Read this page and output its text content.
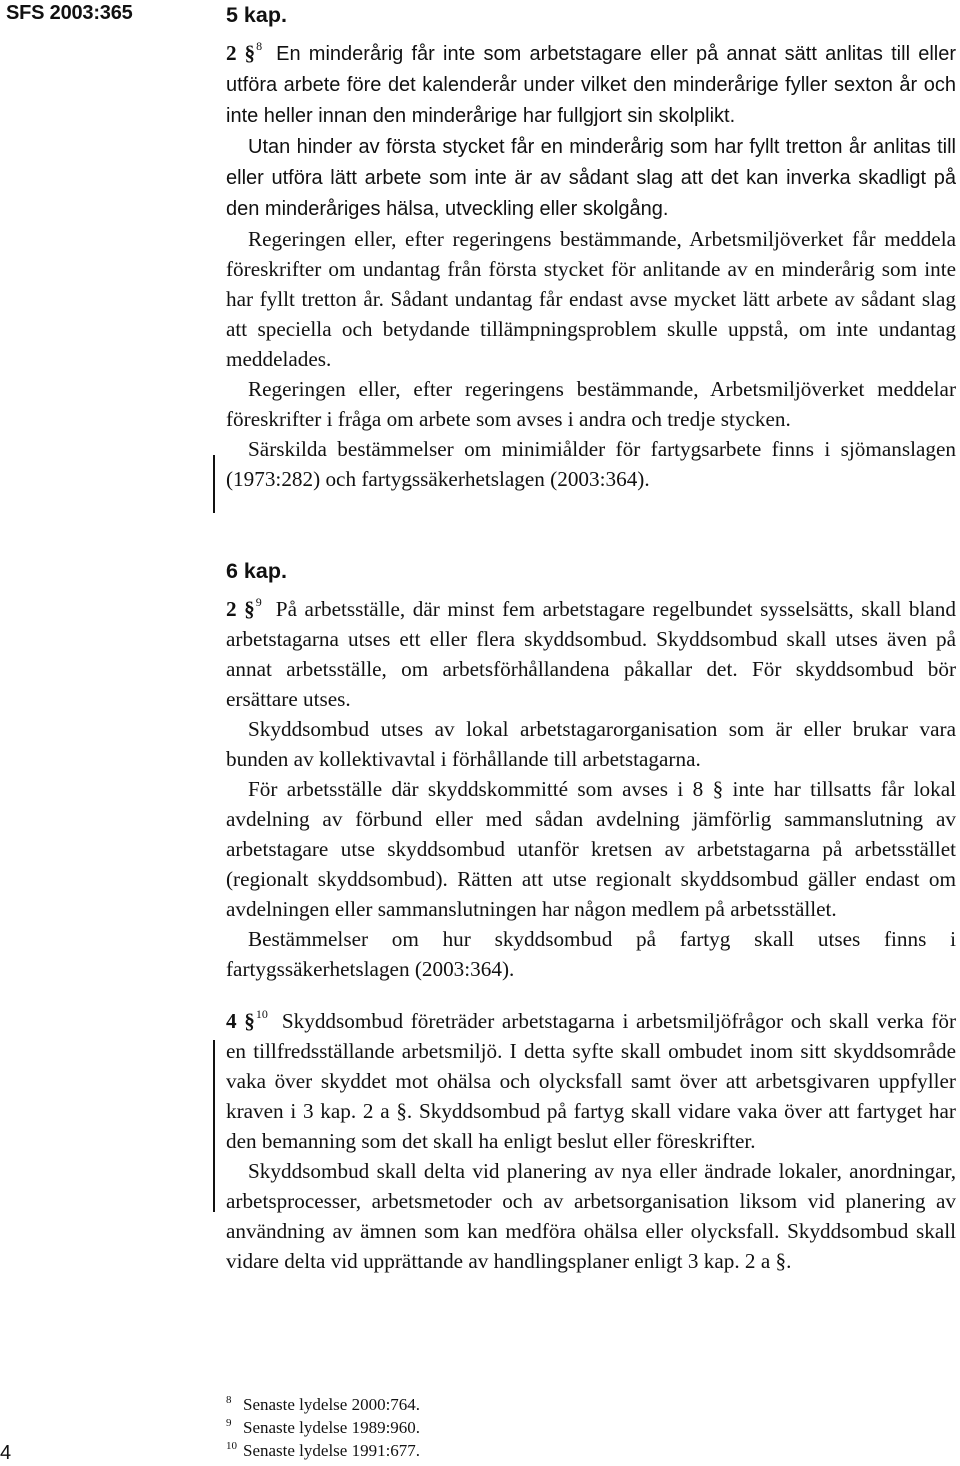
SFS 2003:365	5 kap.

2 §$^8$ En minderårig får inte som arbetstagare eller på annat sätt anlitas till eller utföra arbete före det kalenderår under vilket den minderårige fyller sexton år och inte heller innan den minderårige har fullgjort sin skolplikt.

Utan hinder av första stycket får en minderårig som har fyllt tretton år anlitas till eller utföra lätt arbete som inte är av sådant slag att det kan inverka skadligt på den minderåriges hälsa, utveckling eller skolgång.

Regeringen eller, efter regeringens bestämmande, Arbetsmiljöverket får meddela föreskrifter om undantag från första stycket för anlitande av en minderårig som inte har fyllt tretton år. Sådant undantag får endast avse mycket lätt arbete av sådant slag att speciella och betydande tillämpningsproblem skulle uppstå, om inte undantag meddelades.

Regeringen eller, efter regeringens bestämmande, Arbetsmiljöverket meddelar föreskrifter i fråga om arbete som avses i andra och tredje stycken.

Särskilda bestämmelser om minimiålder för fartygsarbete finns i sjömanslagen (1973:282) och fartygssäkerhetslagen (2003:364).

6 kap.

2 §$^9$ På arbetsställe, där minst fem arbetstagare regelbundet sysselsätts, skall bland arbetstagarna utses ett eller flera skyddsombud. Skyddsombud skall utses även på annat arbetsställe, om arbetsförhållandena påkallar det. För skyddsombud bör ersättare utses.

Skyddsombud utses av lokal arbetstagarorganisation som är eller brukar vara bunden av kollektivavtal i förhållande till arbetstagarna.

För arbetsställe där skyddskommitté som avses i 8 § inte har tillsatts får lokal avdelning av förbund eller med sådan avdelning jämförlig sammanslutning av arbetstagare utse skyddsombud utanför kretsen av arbetstagarna på arbetsstället (regionalt skyddsombud). Rätten att utse regionalt skyddsombud gäller endast om avdelningen eller sammanslutningen har någon medlem på arbetsstället.

Bestämmelser om hur skyddsombud på fartyg skall utses finns i fartygssäkerhetslagen (2003:364).

4 §$^{10}$ Skyddsombud företräder arbetstagarna i arbetsmiljöfrågor och skall verka för en tillfredsställande arbetsmiljö. I detta syfte skall ombudet inom sitt skyddsområde vaka över skyddet mot ohälsa och olycksfall samt över att arbetsgivaren uppfyller kraven i 3 kap. 2 a §. Skyddsombud på fartyg skall vidare vaka över att fartyget har den bemanning som det skall ha enligt beslut eller föreskrifter.

Skyddsombud skall delta vid planering av nya eller ändrade lokaler, anordningar, arbetsprocesser, arbetsmetoder och av arbetsorganisation liksom vid planering av användning av ämnen som kan medföra ohälsa eller olycksfall. Skyddsombud skall vidare delta vid upprättande av handlingsplaner enligt 3 kap. 2 a §.

8 Senaste lydelse 2000:764.
9 Senaste lydelse 1989:960.
10 Senaste lydelse 1991:677.
4
